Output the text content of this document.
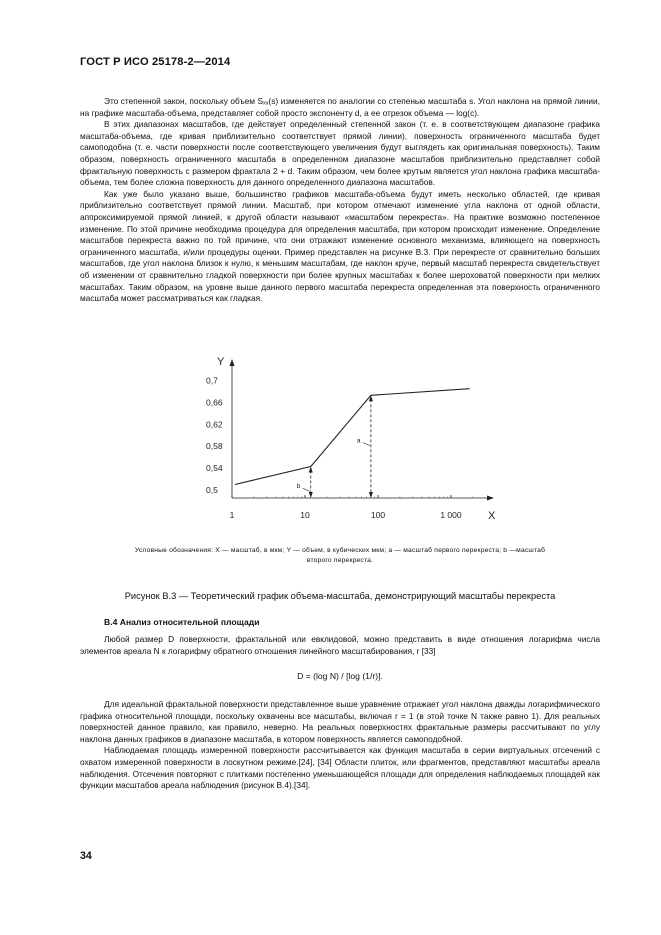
ГОСТ Р ИСО 25178-2—2014

Это степенной закон, поскольку объем Sₓₓ(s) изменяется по аналогии со степенью масштаба s. Угол наклона на прямой линии, на графике масштаба-объема, представляет собой просто экспоненту d, а ее отрезок объема — log(c).

В этих диапазонах масштабов, где действует определенный степенной закон (т. е. в соответствующем диапазоне графика масштаба-объема, где кривая приблизительно соответствует прямой линии), поверхность ограниченного масштаба будет самоподобна (т. е. части поверхности после соответствующего увеличения будут выглядеть как оригинальная поверхность). Таким образом, поверхность ограниченного масштаба в определенном диапазоне масштабов приблизительно представляет собой фрактальную поверхность с размером фрактала 2 + d. Таким образом, чем более крутым является угол наклона графика масштаба-объема, тем более сложна поверхность для данного определенного диапазона масштабов.

Как уже было указано выше, большинство графиков масштаба-объема будут иметь несколько областей, где кривая приблизительно соответствует прямой линии. Масштаб, при котором отмечают изменение угла наклона от одной области, аппроксимируемой прямой линией, к другой области называют «масштабом перекреста». На практике возможно постепенное изменение. По этой причине необходима процедура для определения масштаба, при котором происходит изменение. Определение масштабов перекреста важно по той причине, что они отражают изменение основного механизма, влияющего на поверхность ограниченного масштаба, и/или процедуры оценки. Пример представлен на рисунке В.3. При перекресте от сравнительно больших масштабов, где угол наклона близок к нулю, к меньшим масштабам, где наклон круче, первый масштаб перекреста свидетельствует об изменении от сравнительно гладкой поверхности при более крупных масштабах к более шероховатой поверхности при мелких масштабах. Таким образом, на уровне выше данного первого масштаба перекреста определенная эта поверхность ограниченного масштаба может рассматриваться как гладкая.

X
Y
0,5
0,54
0,58
0,62
0,66
0,7
1	10	100	1 000
a
b
Условные обозначения: X — масштаб, в мкм; Y — объем, в кубических мкм; a — масштаб первого перекреста; b —масштаб
второго перекреста.
Рисунок В.3 — Теоретический график объема-масштаба, демонстрирующий масштабы перекреста
В.4 Анализ относительной площади

Любой размер D поверхности, фрактальной или евклидовой, можно представить в виде отношения логарифма числа элементов ареала N к логарифму обратного отношения линейного масштабирования, r [33]

D = (log N) / [log (1/r)].

Для идеальной фрактальной поверхности представленное выше уравнение отражает угол наклона дважды логарифмического графика относительной площади, поскольку охвачены все масштабы, включая r = 1 (в этой точке N также равно 1). Для реальных поверхностей данное правило, как правило, неверно. На реальных поверхностях фрактальные размеры рассчитывают по углу наклона данных графиков в диапазоне масштаба, в котором поверхность является самоподобной.

Наблюдаемая площадь измеренной поверхности рассчитывается как функция масштаба в серии виртуальных отсечений с охватом измеренной поверхности в лоскутном режиме.[24], [34] Области плиток, или фрагментов, представляют масштабы ареала наблюдения. Отсечения повторяют с плитками постепенно уменьшающейся площади для определения наблюдаемых площадей как функции масштабов ареала наблюдения (рисунок В.4).[34].

34
